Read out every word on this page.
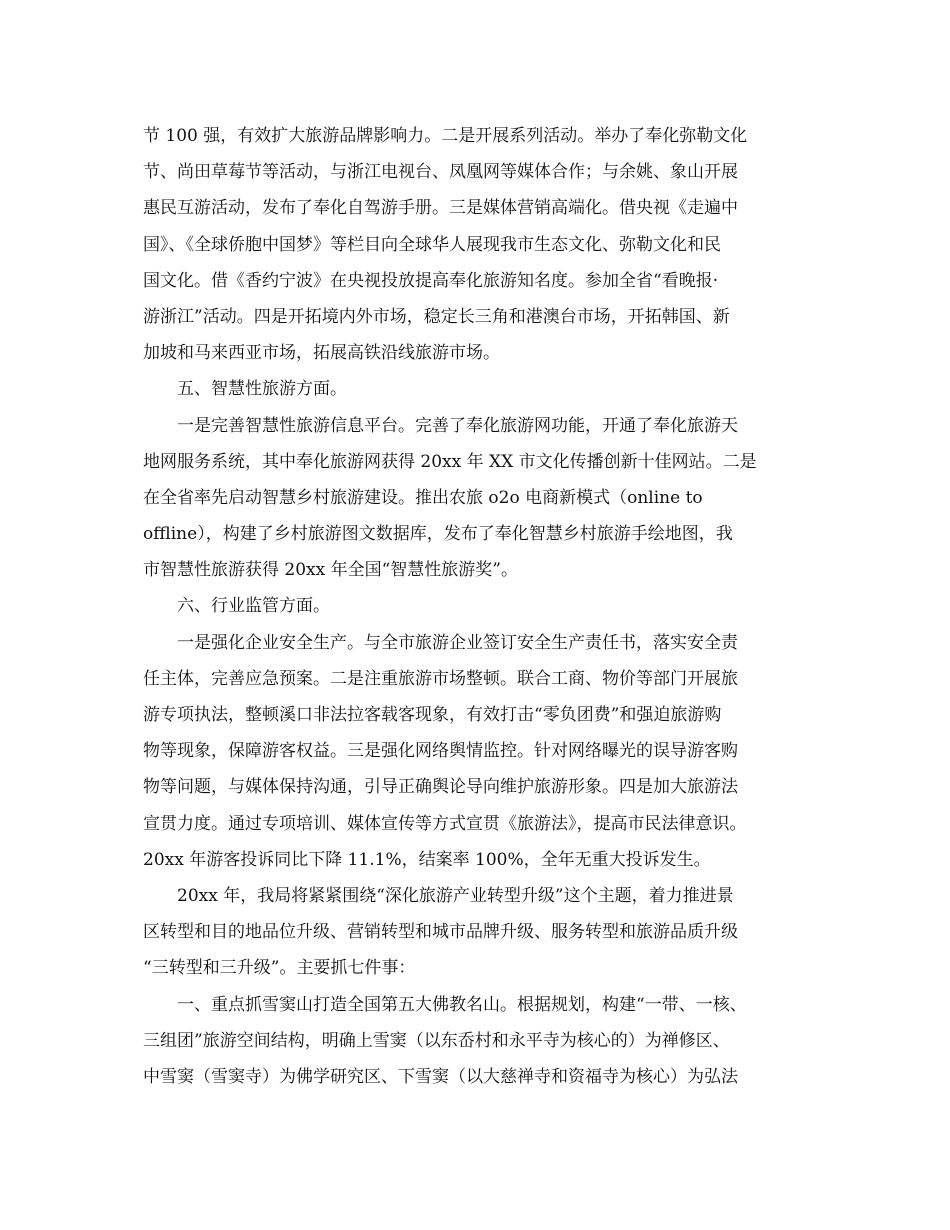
节 100 强，有效扩大旅游品牌影响力。二是开展系列活动。举办了奉化弥勒文化
节、尚田草莓节等活动，与浙江电视台、凤凰网等媒体合作；与余姚、象山开展
惠民互游活动，发布了奉化自驾游手册。三是媒体营销高端化。借央视《走遍中
国》、《全球侨胞中国梦》等栏目向全球华人展现我市生态文化、弥勒文化和民
国文化。借《香约宁波》在央视投放提高奉化旅游知名度。参加全省“看晚报·
游浙江”活动。四是开拓境内外市场，稳定长三角和港澳台市场，开拓韩国、新
加坡和马来西亚市场，拓展高铁沿线旅游市场。
五、智慧性旅游方面。
一是完善智慧性旅游信息平台。完善了奉化旅游网功能，开通了奉化旅游天
地网服务系统，其中奉化旅游网获得 20xx 年 XX 市文化传播创新十佳网站。二是
在全省率先启动智慧乡村旅游建设。推出农旅 o2o 电商新模式（online to
offline），构建了乡村旅游图文数据库，发布了奉化智慧乡村旅游手绘地图，我
市智慧性旅游获得 20xx 年全国“智慧性旅游奖”。
六、行业监管方面。
一是强化企业安全生产。与全市旅游企业签订安全生产责任书，落实安全责
任主体，完善应急预案。二是注重旅游市场整顿。联合工商、物价等部门开展旅
游专项执法，整顿溪口非法拉客载客现象，有效打击“零负团费”和强迫旅游购
物等现象，保障游客权益。三是强化网络舆情监控。针对网络曝光的误导游客购
物等问题，与媒体保持沟通，引导正确舆论导向维护旅游形象。四是加大旅游法
宣贯力度。通过专项培训、媒体宣传等方式宣贯《旅游法》，提高市民法律意识。
20xx 年游客投诉同比下降 11.1%，结案率 100%，全年无重大投诉发生。
20xx 年，我局将紧紧围绕“深化旅游产业转型升级”这个主题，着力推进景
区转型和目的地品位升级、营销转型和城市品牌升级、服务转型和旅游品质升级
“三转型和三升级”。主要抓七件事：
一、重点抓雪窦山打造全国第五大佛教名山。根据规划，构建“一带、一核、
三组团”旅游空间结构，明确上雪窦（以东岙村和永平寺为核心的）为禅修区、
中雪窦（雪窦寺）为佛学研究区、下雪窦（以大慈禅寺和资福寺为核心）为弘法
